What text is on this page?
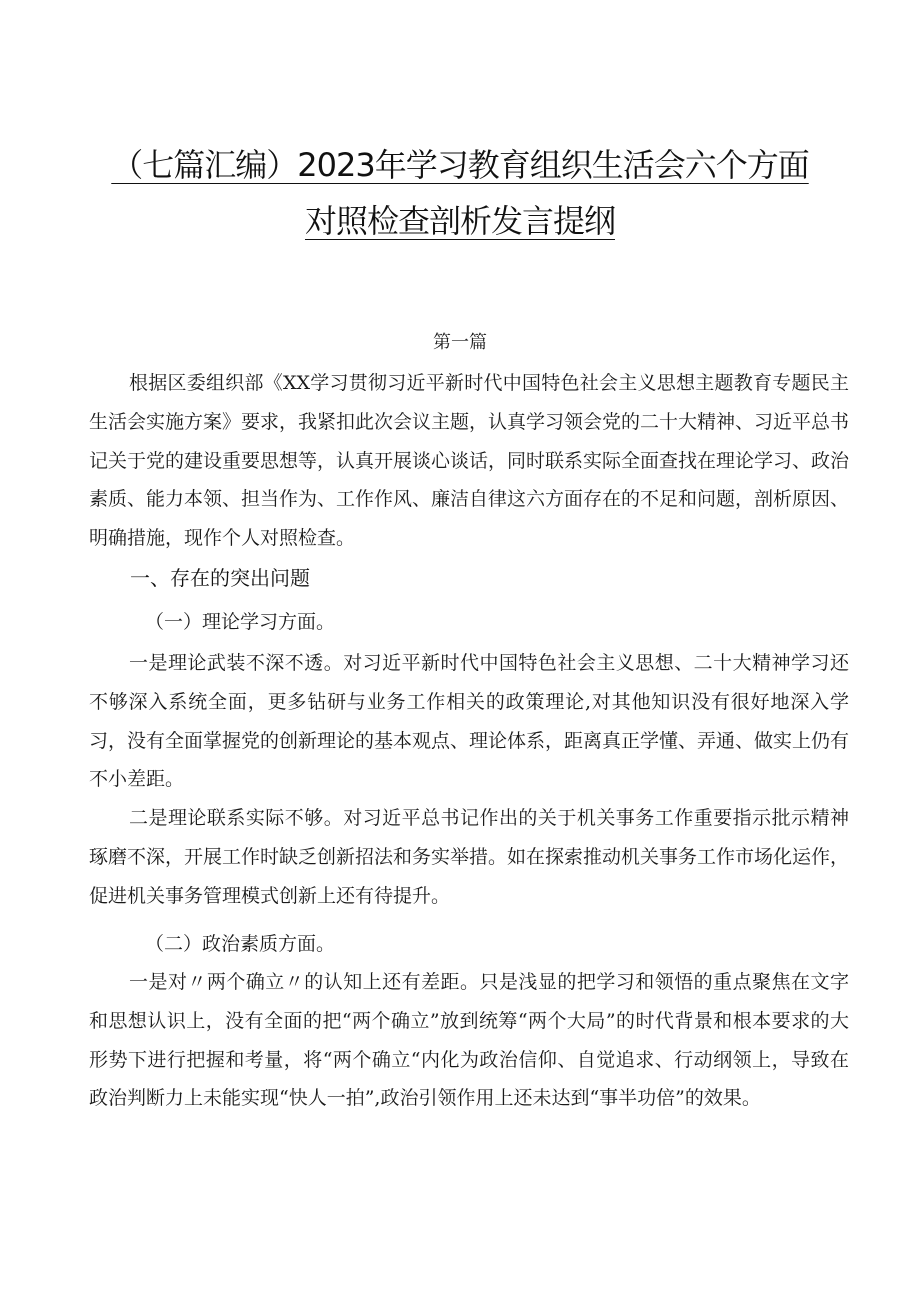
（七篇汇编）2023年学习教育组织生活会六个方面
对照检查剖析发言提纲

第一篇

根据区委组织部《XX学习贯彻习近平新时代中国特色社会主义思想主题教育专题民主生活会实施方案》要求，我紧扣此次会议主题，认真学习领会党的二十大精神、习近平总书记关于党的建设重要思想等，认真开展谈心谈话，同时联系实际全面查找在理论学习、政治素质、能力本领、担当作为、工作作风、廉洁自律这六方面存在的不足和问题，剖析原因、明确措施，现作个人对照检查。

一、存在的突出问题

（一）理论学习方面。

一是理论武装不深不透。对习近平新时代中国特色社会主义思想、二十大精神学习还不够深入系统全面，更多钻研与业务工作相关的政策理论,对其他知识没有很好地深入学习，没有全面掌握党的创新理论的基本观点、理论体系，距离真正学懂、弄通、做实上仍有不小差距。

二是理论联系实际不够。对习近平总书记作出的关于机关事务工作重要指示批示精神琢磨不深，开展工作时缺乏创新招法和务实举措。如在探索推动机关事务工作市场化运作，促进机关事务管理模式创新上还有待提升。

（二）政治素质方面。

一是对〃两个确立〃的认知上还有差距。只是浅显的把学习和领悟的重点聚焦在文字和思想认识上，没有全面的把“两个确立”放到统筹“两个大局”的时代背景和根本要求的大形势下进行把握和考量，将“两个确立“内化为政治信仰、自觉追求、行动纲领上，导致在政治判断力上未能实现“快人一拍”,政治引领作用上还未达到“事半功倍”的效果。
